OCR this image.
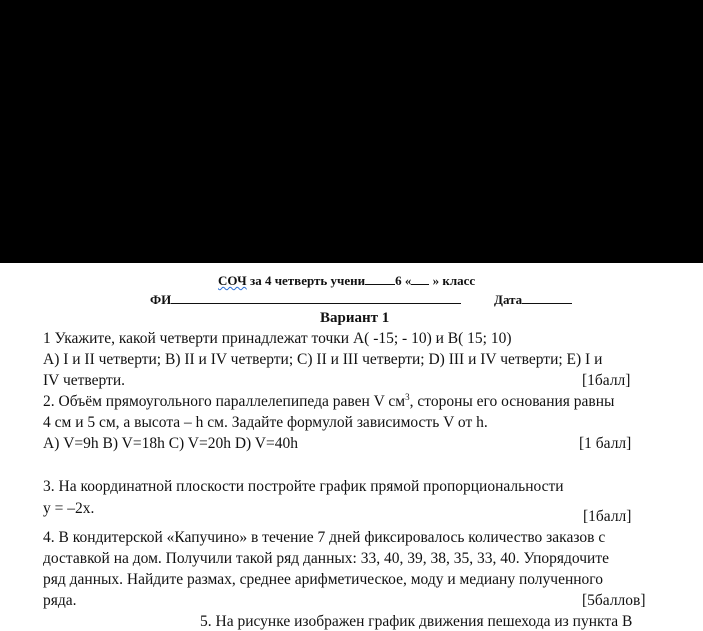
СОЧ за 4 четверть учени 6 « » класс
ФИ	Дата
Вариант 1
1 Укажите, какой четверти принадлежат точки А( -15; - 10) и В( 15; 10)
А) I и II четверти; В) II и IV четверти; С) II и III четверти; D) III и IV четверти; Е) I и
IV четверти.	[1балл]
2. Объём прямоугольного параллелепипеда равен V $см^3$, стороны его основания равны
4 см и 5 см, а высота – h см. Задайте формулой зависимость V от h.
А) V=9h B) V=18h C) V=20h D) V=40h	[1 балл]
3. На координатной плоскости постройте график прямой пропорциональности
у = –2х.	[1балл]
4. В кондитерской «Капучино» в течение 7 дней фиксировалось количество заказов с
доставкой на дом. Получили такой ряд данных: 33, 40, 39, 38, 35, 33, 40. Упорядочите
ряд данных. Найдите размах, среднее арифметическое, моду и медиану полученного
ряда.	[5баллов]
5. На рисунке изображен график движения пешехода из пункта В
